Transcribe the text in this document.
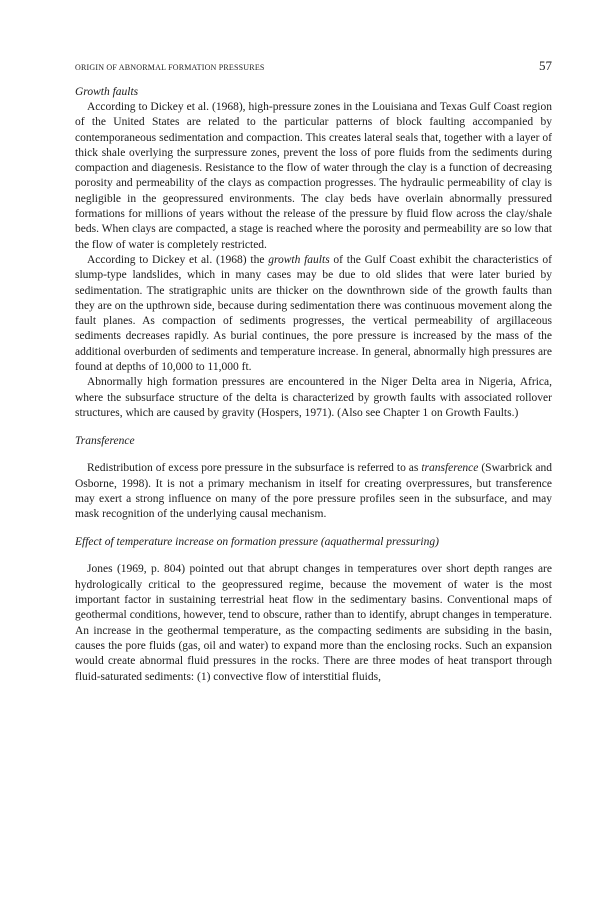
ORIGIN OF ABNORMAL FORMATION PRESSURES	57
Growth faults

According to Dickey et al. (1968), high-pressure zones in the Louisiana and Texas Gulf Coast region of the United States are related to the particular patterns of block faulting accompanied by contemporaneous sedimentation and compaction. This creates lateral seals that, together with a layer of thick shale overlying the surpressure zones, prevent the loss of pore fluids from the sediments during compaction and diagenesis. Resistance to the flow of water through the clay is a function of decreasing porosity and permeability of the clays as compaction progresses. The hydraulic permeability of clay is negligible in the geopressured environments. The clay beds have overlain abnormally pressured formations for millions of years without the release of the pressure by fluid flow across the clay/shale beds. When clays are compacted, a stage is reached where the porosity and permeability are so low that the flow of water is completely restricted.

According to Dickey et al. (1968) the growth faults of the Gulf Coast exhibit the characteristics of slump-type landslides, which in many cases may be due to old slides that were later buried by sedimentation. The stratigraphic units are thicker on the downthrown side of the growth faults than they are on the upthrown side, because during sedimentation there was continuous movement along the fault planes. As compaction of sediments progresses, the vertical permeability of argillaceous sediments decreases rapidly. As burial continues, the pore pressure is increased by the mass of the additional overburden of sediments and temperature increase. In general, abnormally high pressures are found at depths of 10,000 to 11,000 ft.

Abnormally high formation pressures are encountered in the Niger Delta area in Nigeria, Africa, where the subsurface structure of the delta is characterized by growth faults with associated rollover structures, which are caused by gravity (Hospers, 1971). (Also see Chapter 1 on Growth Faults.)

Transference

Redistribution of excess pore pressure in the subsurface is referred to as transference (Swarbrick and Osborne, 1998). It is not a primary mechanism in itself for creating overpressures, but transference may exert a strong influence on many of the pore pressure profiles seen in the subsurface, and may mask recognition of the underlying causal mechanism.

Effect of temperature increase on formation pressure (aquathermal pressuring)

Jones (1969, p. 804) pointed out that abrupt changes in temperatures over short depth ranges are hydrologically critical to the geopressured regime, because the movement of water is the most important factor in sustaining terrestrial heat flow in the sedimentary basins. Conventional maps of geothermal conditions, however, tend to obscure, rather than to identify, abrupt changes in temperature. An increase in the geothermal temperature, as the compacting sediments are subsiding in the basin, causes the pore fluids (gas, oil and water) to expand more than the enclosing rocks. Such an expansion would create abnormal fluid pressures in the rocks. There are three modes of heat transport through fluid-saturated sediments: (1) convective flow of interstitial fluids,
